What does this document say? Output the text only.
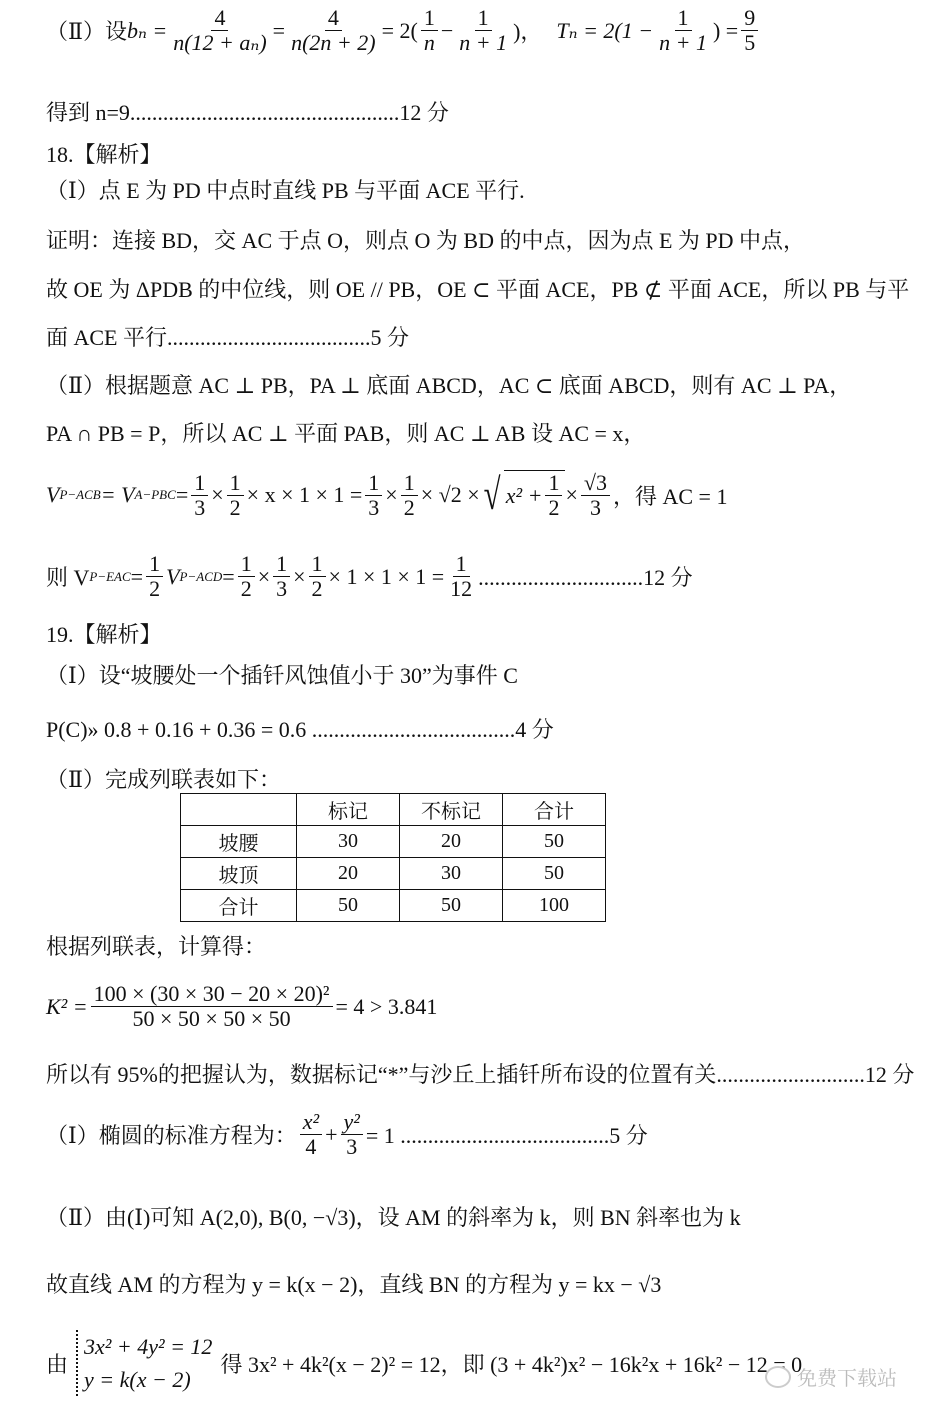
（Ⅱ）设 $b_n = \frac{4}{\text{n(12 + aₙ)}} = \frac{4}{n(2n + 2)} = 2( \frac{1}{n} - \frac{1}{n + 1}$ )， $T_n = 2(1 - \frac{1}{n + 1}$ ) = $\frac{9}{5}$
得到 n=9.................................................12 分
18.【解析】
（Ⅰ）点 E 为 PD 中点时直线 PB 与平面 ACE 平行.
证明：连接 BD，交 AC 于点 O，则点 O 为 BD 的中点，因为点 E 为 PD 中点，
故 OE 为 ΔPDB 的中位线，则 OE // PB，OE ⊂ 平面 ACE，PB ⊄ 平面 ACE，所以 PB 与平
面 ACE 平行.....................................5 分
（Ⅱ）根据题意 AC ⊥ PB，PA ⊥ 底面 ABCD，AC ⊂ 底面 ABCD，则有 AC ⊥ PA，
PA ∩ PB = P，所以 AC ⊥ 平面 PAB，则 AC ⊥ AB 设 AC = x，
V P−ACB = V $A-PBC = \frac{1}{3} \times \frac{1}{2} \times x \times 1 \times 1 = \frac{1}{3} \times \frac{1}{2} \times √2$ × √ $x^2 + \frac{1}{2} \times \frac{√3}{3}$ ，得 AC = 1
则 V $P-EAC = \frac{1}{2}$ V $P-ACD = \frac{1}{2} \times \frac{1}{3} \times \frac{1}{2} \times 1 \times 1 \times 1 = \frac{1}{12} ..............................12$ 分
19.【解析】
（Ⅰ）设“坡腰处一个插钎风蚀值小于 30”为事件 C
P(C)» 0.8 + 0.16 + 0.36 = 0.6 .....................................4 分
（Ⅱ）完成列联表如下：
	标记	不标记	合计
坡腰	30	20	50
坡顶	20	30	50
合计	50	50	100
根据列联表，计算得：
$K^2 = \frac{\text{100 × (30 × 30 − 20 × 20)²}}{50 \times 50 \times 50 \times 50} = 4 > 3.841$
所以有 95%的把握认为，数据标记“*”与沙丘上插钎所布设的位置有关...........................12 分
（Ⅰ）椭圆的标准方程为： $\frac{\text{x²}}{4} + \frac{\text{y²}}{3} = 1$ ......................................5 分
（Ⅱ）由(Ⅰ)可知 A(2,0), B(0, −√3)，设 AM 的斜率为 k，则 BN 斜率也为 k
故直线 AM 的方程为 y = k(x − 2)，直线 BN 的方程为 y = kx − √3
由
3x² + 4y² = 12
y = k(x − 2)
得 3x² + 4k²(x − 2)² = 12，即 (3 + 4k²)x² − 16k²x + 16k² − 12 = 0
免费下载站
